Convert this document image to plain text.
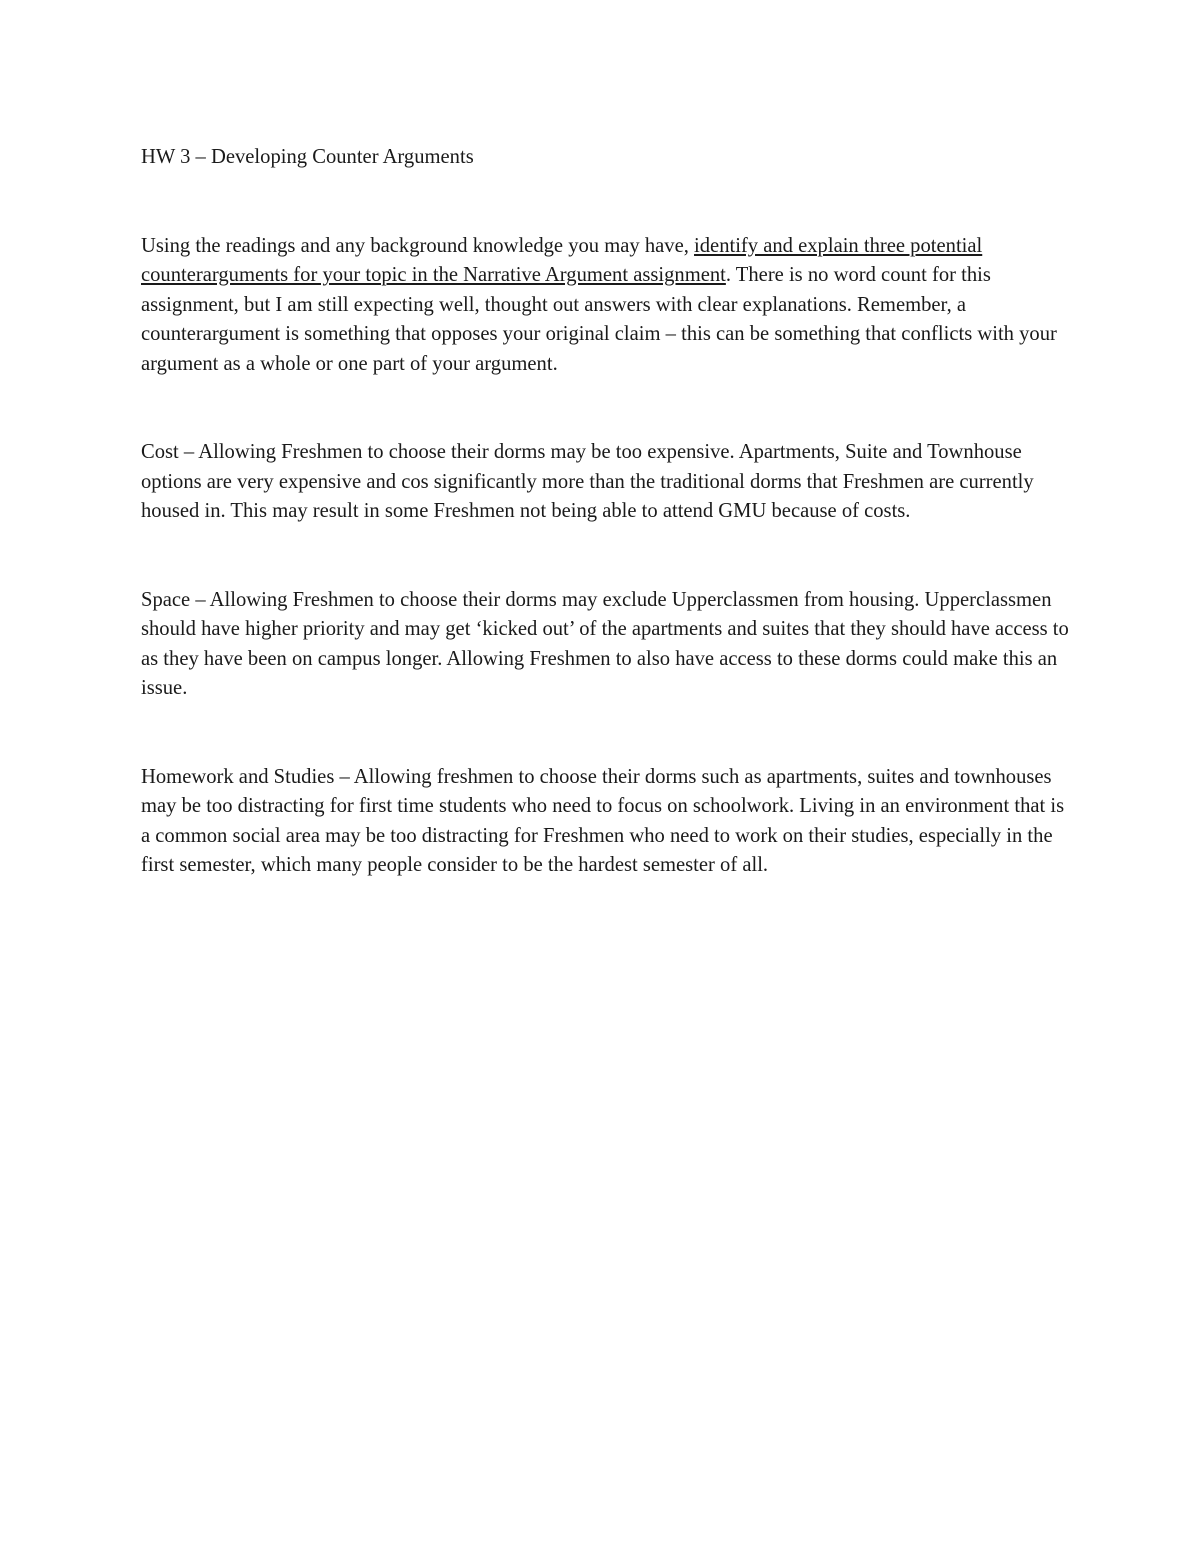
HW 3 – Developing Counter Arguments

Using the readings and any background knowledge you may have, identify and explain three potential counterarguments for your topic in the Narrative Argument assignment. There is no word count for this assignment, but I am still expecting well, thought out answers with clear explanations. Remember, a counterargument is something that opposes your original claim – this can be something that conflicts with your argument as a whole or one part of your argument.

Cost – Allowing Freshmen to choose their dorms may be too expensive. Apartments, Suite and Townhouse options are very expensive and cos significantly more than the traditional dorms that Freshmen are currently housed in. This may result in some Freshmen not being able to attend GMU because of costs.

Space – Allowing Freshmen to choose their dorms may exclude Upperclassmen from housing. Upperclassmen should have higher priority and may get ‘kicked out’ of the apartments and suites that they should have access to as they have been on campus longer. Allowing Freshmen to also have access to these dorms could make this an issue.

Homework and Studies – Allowing freshmen to choose their dorms such as apartments, suites and townhouses may be too distracting for first time students who need to focus on schoolwork. Living in an environment that is a common social area may be too distracting for Freshmen who need to work on their studies, especially in the first semester, which many people consider to be the hardest semester of all.
